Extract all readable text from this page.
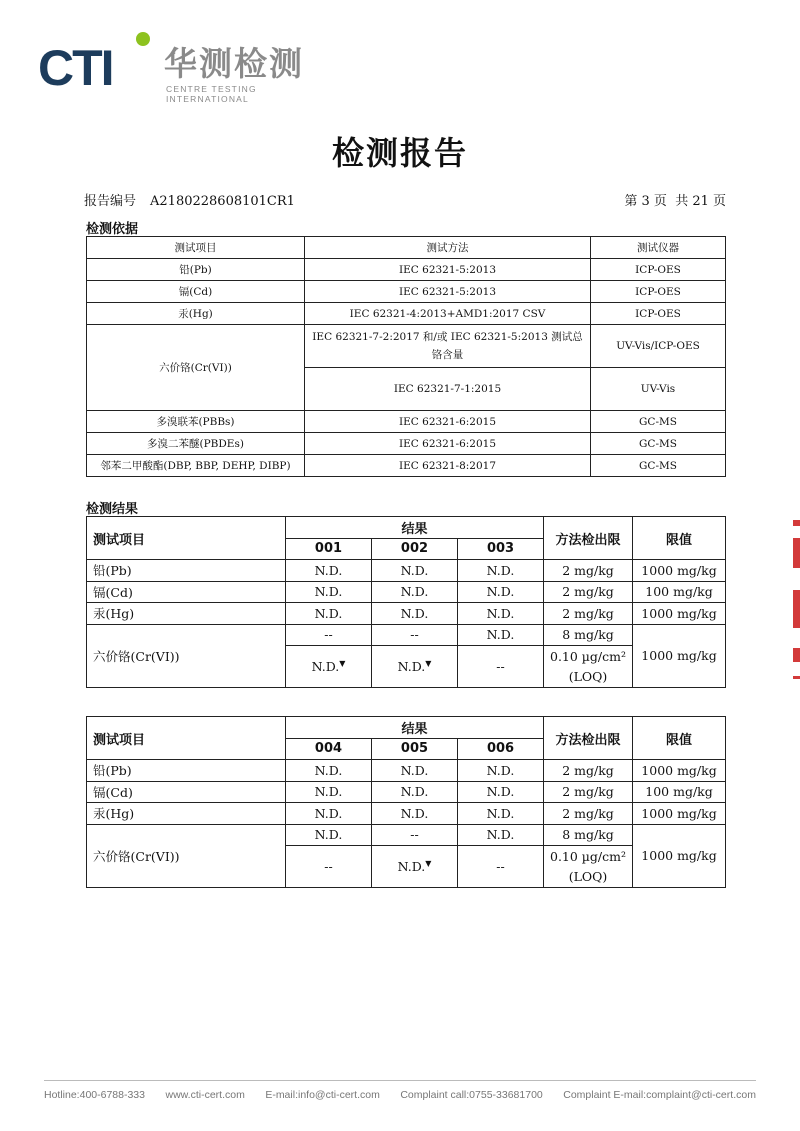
CTI 华测检测
CENTRE TESTING INTERNATIONAL
检测报告
报告编号 A2180228608101CR1	第 3 页  共 21 页
检测依据
测试项目	测试方法	测试仪器
铅(Pb)	IEC 62321-5:2013	ICP-OES
镉(Cd)	IEC 62321-5:2013	ICP-OES
汞(Hg)	IEC 62321-4:2013+AMD1:2017 CSV	ICP-OES
六价铬(Cr(VI))	IEC 62321-7-2:2017 和/或 IEC 62321-5:2013 测试总铬含量	UV-Vis/ICP-OES
	IEC 62321-7-1:2015	UV-Vis
多溴联苯(PBBs)	IEC 62321-6:2015	GC-MS
多溴二苯醚(PBDEs)	IEC 62321-6:2015	GC-MS
邻苯二甲酸酯(DBP, BBP, DEHP, DIBP)	IEC 62321-8:2017	GC-MS
检测结果
测试项目	结果			方法检出限	限值
	001	002	003		
铅(Pb)	N.D.	N.D.	N.D.	2 mg/kg	1000 mg/kg
镉(Cd)	N.D.	N.D.	N.D.	2 mg/kg	100 mg/kg
汞(Hg)	N.D.	N.D.	N.D.	2 mg/kg	1000 mg/kg
六价铬(Cr(VI))	--	--	N.D.	8 mg/kg	1000 mg/kg
	N.D.▼	N.D.▼	--	0.10 µg/cm²
(LOQ)	
测试项目	结果			方法检出限	限值
	004	005	006		
铅(Pb)	N.D.	N.D.	N.D.	2 mg/kg	1000 mg/kg
镉(Cd)	N.D.	N.D.	N.D.	2 mg/kg	100 mg/kg
汞(Hg)	N.D.	N.D.	N.D.	2 mg/kg	1000 mg/kg
六价铬(Cr(VI))	N.D.	--	N.D.	8 mg/kg	1000 mg/kg
	--	N.D.▼	--	0.10 µg/cm²
(LOQ)	
Hotline:400-6788-333 www.cti-cert.com E-mail:info@cti-cert.com Complaint call:0755-33681700 Complaint E-mail:complaint@cti-cert.com
